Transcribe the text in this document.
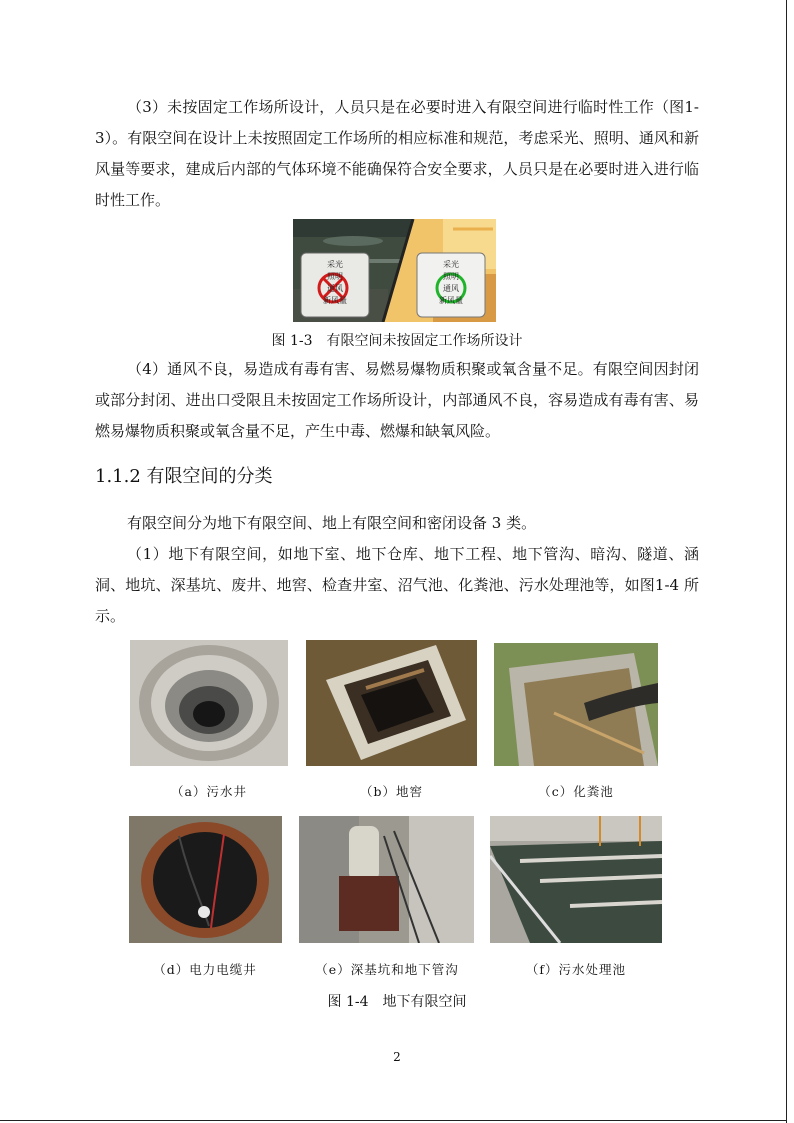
（3）未按固定工作场所设计，人员只是在必要时进入有限空间进行临时性工作（图1-3）。有限空间在设计上未按照固定工作场所的相应标准和规范，考虑采光、照明、通风和新风量等要求，建成后内部的气体环境不能确保符合安全要求，人员只是在必要时进入进行临时性工作。

采光
照明
通风
新风量
采光
照明
通风
新风量
图 1-3　有限空间未按固定工作场所设计

（4）通风不良，易造成有毒有害、易燃易爆物质积聚或氧含量不足。有限空间因封闭或部分封闭、进出口受限且未按固定工作场所设计，内部通风不良，容易造成有毒有害、易燃易爆物质积聚或氧含量不足，产生中毒、燃爆和缺氧风险。

1.1.2 有限空间的分类

有限空间分为地下有限空间、地上有限空间和密闭设备 3 类。

（1）地下有限空间，如地下室、地下仓库、地下工程、地下管沟、暗沟、隧道、涵洞、地坑、深基坑、废井、地窖、检查井室、沼气池、化粪池、污水处理池等，如图1-4 所示。

（a）污水井	（b）地窖	（c）化粪池
（d）电力电缆井	（e）深基坑和地下管沟	（f）污水处理池
图 1-4　地下有限空间
2
